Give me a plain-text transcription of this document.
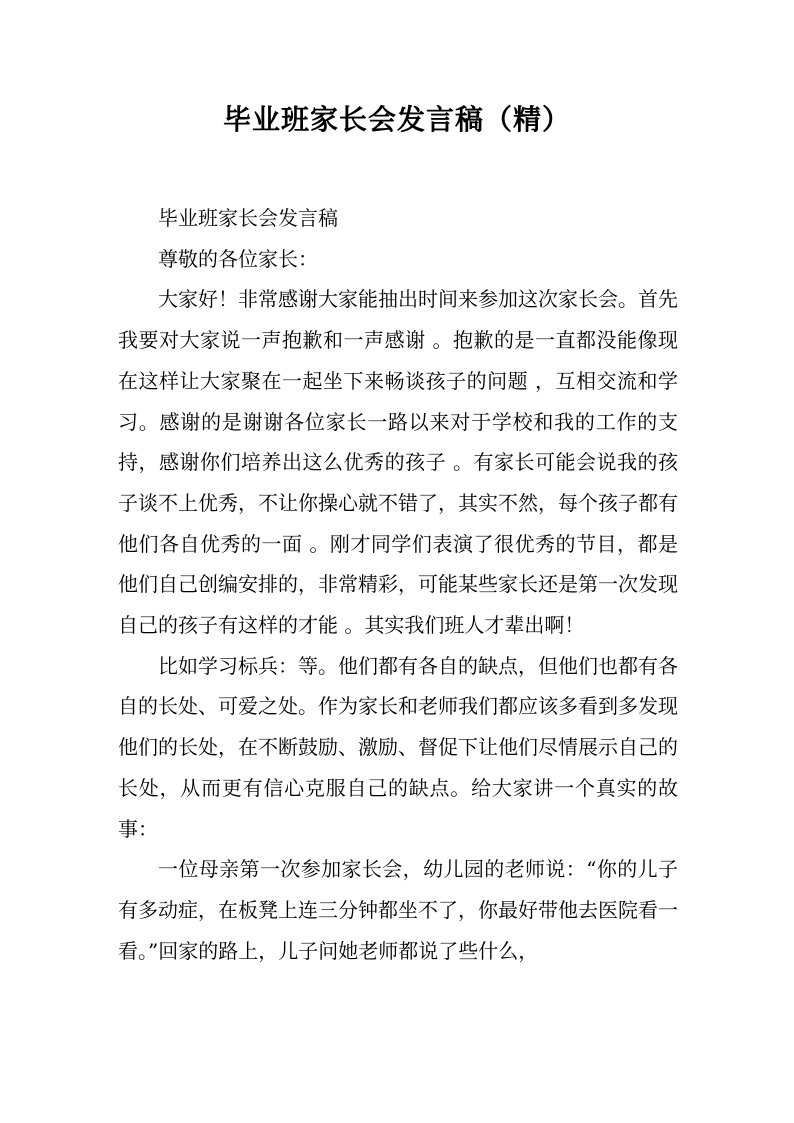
毕业班家长会发言稿（精）

毕业班家长会发言稿

尊敬的各位家长：

大家好！非常感谢大家能抽出时间来参加这次家长会。首先我要对大家说一声抱歉和一声感谢 。抱歉的是一直都没能像现在这样让大家聚在一起坐下来畅谈孩子的问题 ，互相交流和学习。感谢的是谢谢各位家长一路以来对于学校和我的工作的支持，感谢你们培养出这么优秀的孩子 。有家长可能会说我的孩子谈不上优秀，不让你操心就不错了，其实不然，每个孩子都有他们各自优秀的一面 。刚才同学们表演了很优秀的节目，都是他们自己创编安排的，非常精彩，可能某些家长还是第一次发现自己的孩子有这样的才能 。其实我们班人才辈出啊！

比如学习标兵：等。他们都有各自的缺点，但他们也都有各自的长处、可爱之处。作为家长和老师我们都应该多看到多发现他们的长处，在不断鼓励、激励、督促下让他们尽情展示自己的长处，从而更有信心克服自己的缺点。给大家讲一个真实的故事：

一位母亲第一次参加家长会，幼儿园的老师说：“你的儿子有多动症，在板凳上连三分钟都坐不了，你最好带他去医院看一看。”回家的路上，儿子问她老师都说了些什么，
